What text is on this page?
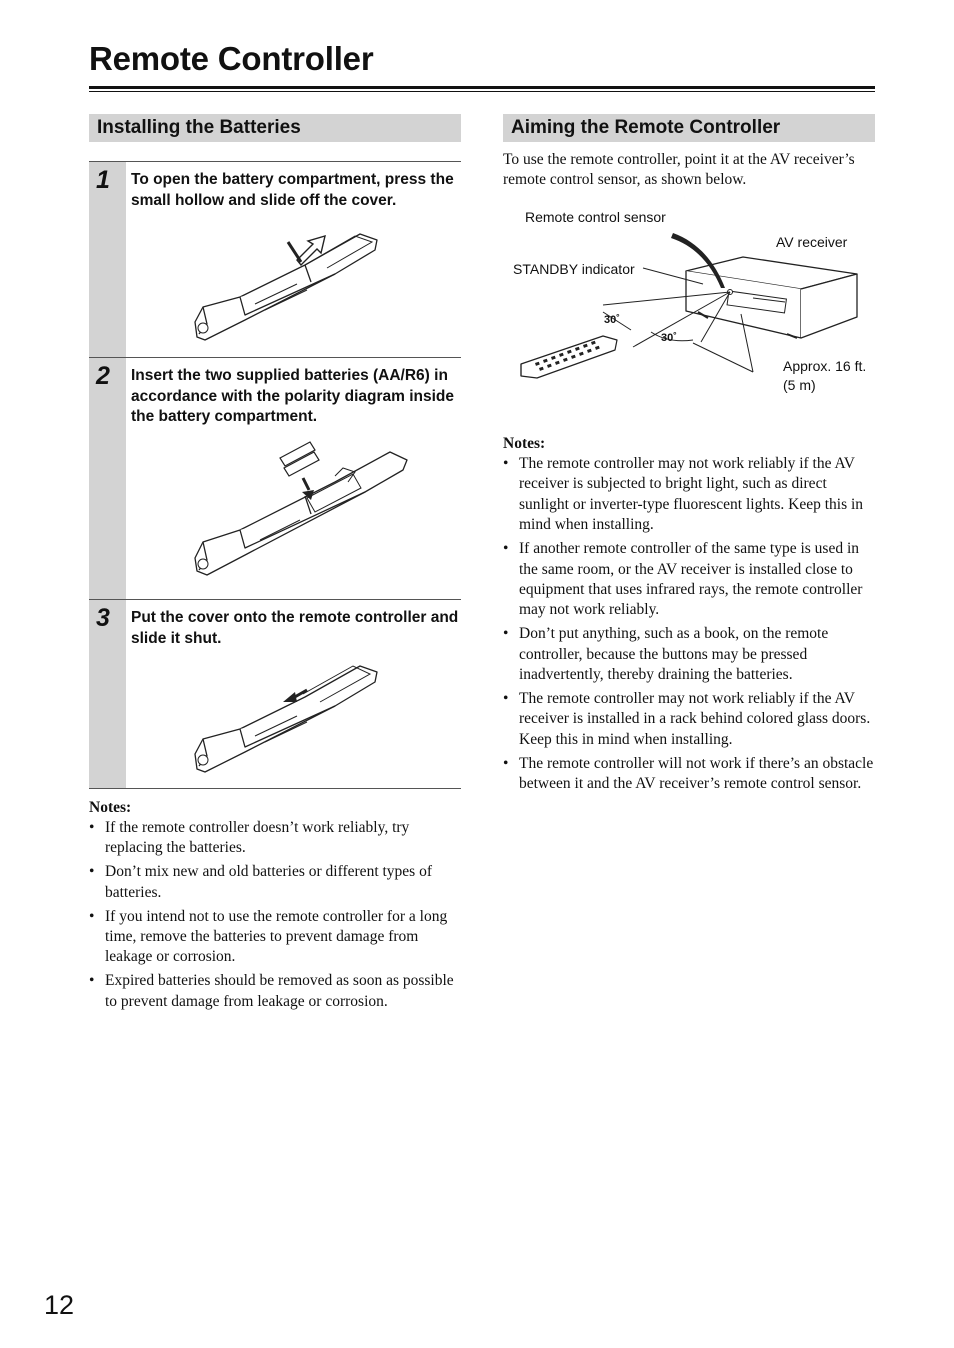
Remote Controller
Installing the Batteries
1 To open the battery compartment, press the small hollow and slide off the cover.
2 Insert the two supplied batteries (AA/R6) in accordance with the polarity diagram inside the battery compartment.
3 Put the cover onto the remote controller and slide it shut.
Notes:
• If the remote controller doesn’t work reliably, try replacing the batteries.
• Don’t mix new and old batteries or different types of batteries.
• If you intend not to use the remote controller for a long time, remove the batteries to prevent damage from leakage or corrosion.
• Expired batteries should be removed as soon as possible to prevent damage from leakage or corrosion.
Aiming the Remote Controller

To use the remote controller, point it at the AV receiver’s remote control sensor, as shown below.

Remote control sensor
AV receiver
STANDBY indicator
30˚
30˚
Approx. 16 ft.
(5 m)
Notes:
• The remote controller may not work reliably if the AV receiver is subjected to bright light, such as direct sunlight or inverter-type fluorescent lights. Keep this in mind when installing.
• If another remote controller of the same type is used in the same room, or the AV receiver is installed close to equipment that uses infrared rays, the remote controller may not work reliably.
• Don’t put anything, such as a book, on the remote controller, because the buttons may be pressed inadvertently, thereby draining the batteries.
• The remote controller may not work reliably if the AV receiver is installed in a rack behind colored glass doors. Keep this in mind when installing.
• The remote controller will not work if there’s an obstacle between it and the AV receiver’s remote control sensor.
12
